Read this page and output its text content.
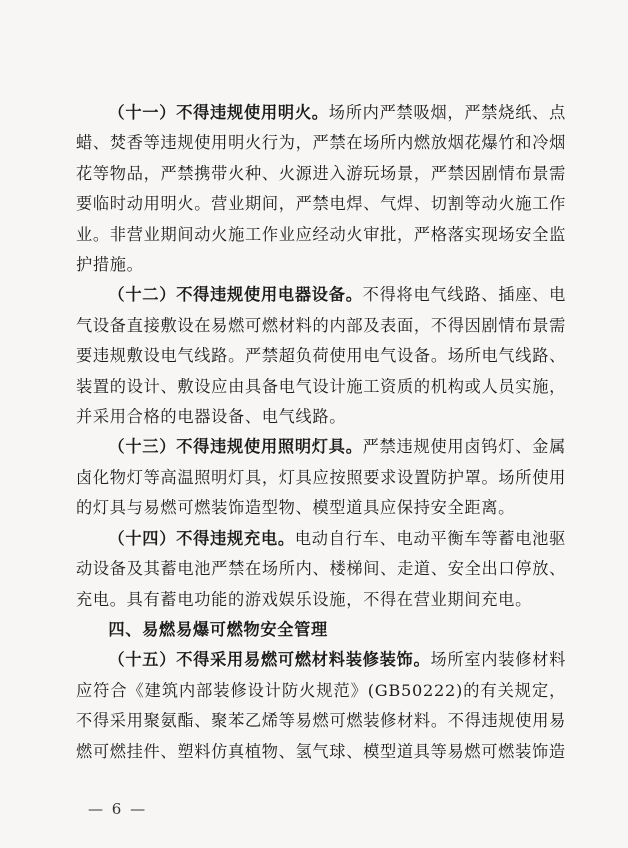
（十一）不得违规使用明火。场所内严禁吸烟，严禁烧纸、点蜡、焚香等违规使用明火行为，严禁在场所内燃放烟花爆竹和冷烟花等物品，严禁携带火种、火源进入游玩场景，严禁因剧情布景需要临时动用明火。营业期间，严禁电焊、气焊、切割等动火施工作业。非营业期间动火施工作业应经动火审批，严格落实现场安全监护措施。

（十二）不得违规使用电器设备。不得将电气线路、插座、电气设备直接敷设在易燃可燃材料的内部及表面，不得因剧情布景需要违规敷设电气线路。严禁超负荷使用电气设备。场所电气线路、装置的设计、敷设应由具备电气设计施工资质的机构或人员实施，并采用合格的电器设备、电气线路。

（十三）不得违规使用照明灯具。严禁违规使用卤钨灯、金属卤化物灯等高温照明灯具，灯具应按照要求设置防护罩。场所使用的灯具与易燃可燃装饰造型物、模型道具应保持安全距离。

（十四）不得违规充电。电动自行车、电动平衡车等蓄电池驱动设备及其蓄电池严禁在场所内、楼梯间、走道、安全出口停放、充电。具有蓄电功能的游戏娱乐设施，不得在营业期间充电。

四、易燃易爆可燃物安全管理

（十五）不得采用易燃可燃材料装修装饰。场所室内装修材料应符合《建筑内部装修设计防火规范》(GB50222)的有关规定，不得采用聚氨酯、聚苯乙烯等易燃可燃装修材料。不得违规使用易燃可燃挂件、塑料仿真植物、氢气球、模型道具等易燃可燃装饰造

— 6 —
